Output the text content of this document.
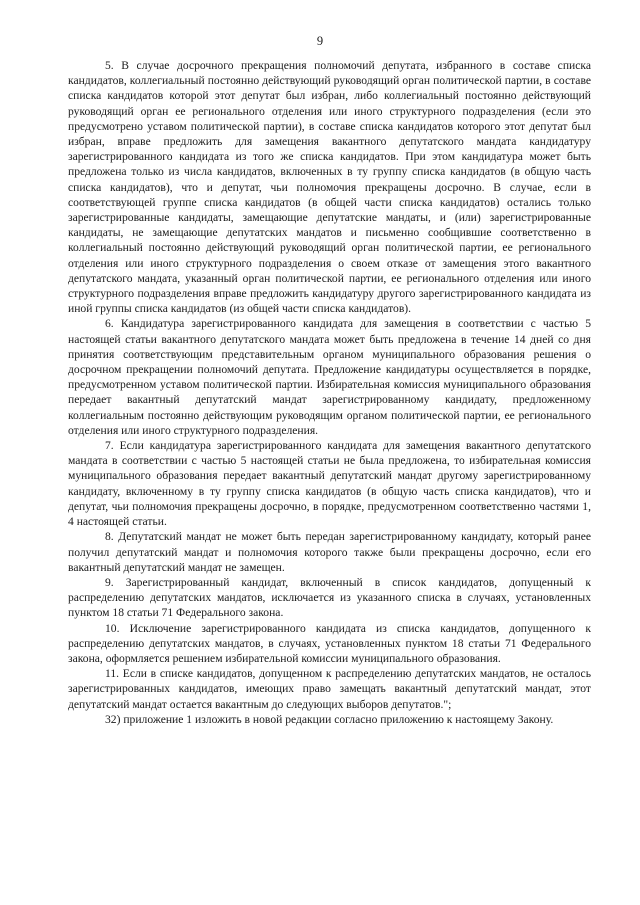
9

5. В случае досрочного прекращения полномочий депутата, избранного в составе списка кандидатов, коллегиальный постоянно действующий руководящий орган политической партии, в составе списка кандидатов которой этот депутат был избран, либо коллегиальный постоянно действующий руководящий орган ее регионального отделения или иного структурного подразделения (если это предусмотрено уставом политической партии), в составе списка кандидатов которого этот депутат был избран, вправе предложить для замещения вакантного депутатского мандата кандидатуру зарегистрированного кандидата из того же списка кандидатов. При этом кандидатура может быть предложена только из числа кандидатов, включенных в ту группу списка кандидатов (в общую часть списка кандидатов), что и депутат, чьи полномочия прекращены досрочно. В случае, если в соответствующей группе списка кандидатов (в общей части списка кандидатов) остались только зарегистрированные кандидаты, замещающие депутатские мандаты, и (или) зарегистрированные кандидаты, не замещающие депутатских мандатов и письменно сообщившие соответственно в коллегиальный постоянно действующий руководящий орган политической партии, ее регионального отделения или иного структурного подразделения о своем отказе от замещения этого вакантного депутатского мандата, указанный орган политической партии, ее регионального отделения или иного структурного подразделения вправе предложить кандидатуру другого зарегистрированного кандидата из иной группы списка кандидатов (из общей части списка кандидатов).

6. Кандидатура зарегистрированного кандидата для замещения в соответствии с частью 5 настоящей статьи вакантного депутатского мандата может быть предложена в течение 14 дней со дня принятия соответствующим представительным органом муниципального образования решения о досрочном прекращении полномочий депутата. Предложение кандидатуры осуществляется в порядке, предусмотренном уставом политической партии. Избирательная комиссия муниципального образования передает вакантный депутатский мандат зарегистрированному кандидату, предложенному коллегиальным постоянно действующим руководящим органом политической партии, ее регионального отделения или иного структурного подразделения.

7. Если кандидатура зарегистрированного кандидата для замещения вакантного депутатского мандата в соответствии с частью 5 настоящей статьи не была предложена, то избирательная комиссия муниципального образования передает вакантный депутатский мандат другому зарегистрированному кандидату, включенному в ту группу списка кандидатов (в общую часть списка кандидатов), что и депутат, чьи полномочия прекращены досрочно, в порядке, предусмотренном соответственно частями 1, 4 настоящей статьи.

8. Депутатский мандат не может быть передан зарегистрированному кандидату, который ранее получил депутатский мандат и полномочия которого также были прекращены досрочно, если его вакантный депутатский мандат не замещен.

9. Зарегистрированный кандидат, включенный в список кандидатов, допущенный к распределению депутатских мандатов, исключается из указанного списка в случаях, установленных пунктом 18 статьи 71 Федерального закона.

10. Исключение зарегистрированного кандидата из списка кандидатов, допущенного к распределению депутатских мандатов, в случаях, установленных пунктом 18 статьи 71 Федерального закона, оформляется решением избирательной комиссии муниципального образования.

11. Если в списке кандидатов, допущенном к распределению депутатских мандатов, не осталось зарегистрированных кандидатов, имеющих право замещать вакантный депутатский мандат, этот депутатский мандат остается вакантным до следующих выборов депутатов.";

32) приложение 1 изложить в новой редакции согласно приложению к настоящему Закону.
